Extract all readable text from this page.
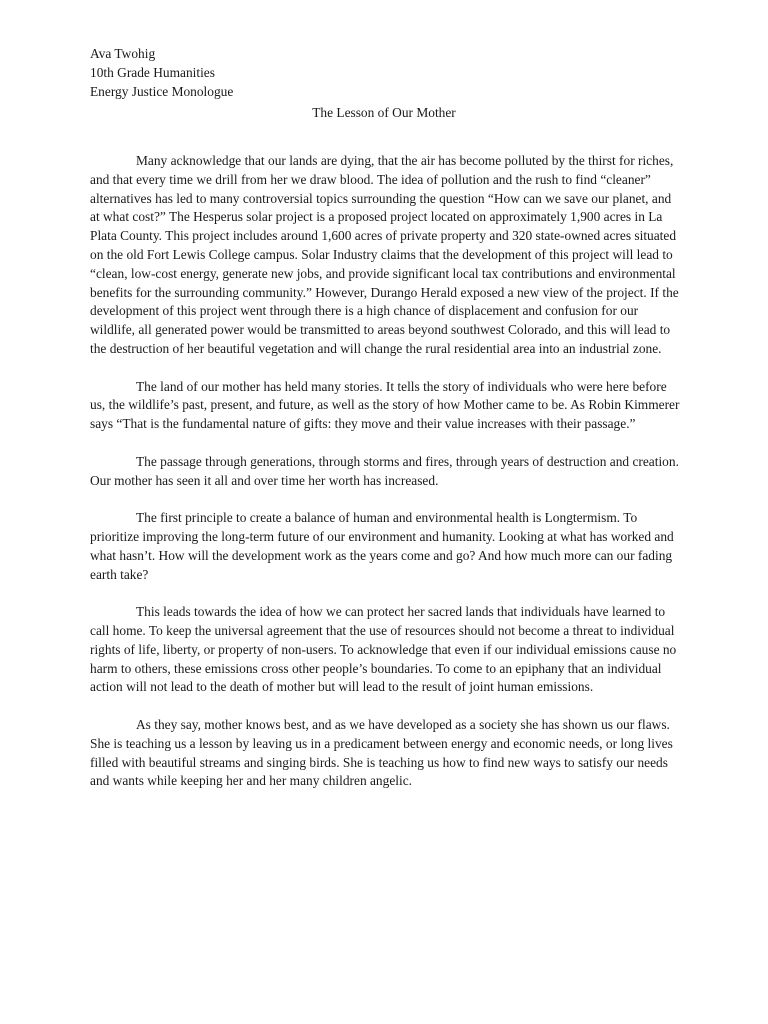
Ava Twohig
10th Grade Humanities
Energy Justice Monologue
The Lesson of Our Mother

Many acknowledge that our lands are dying, that the air has become polluted by the thirst for riches, and that every time we drill from her we draw blood. The idea of pollution and the rush to find “cleaner” alternatives has led to many controversial topics surrounding the question “How can we save our planet, and at what cost?” The Hesperus solar project is a proposed project located on approximately 1,900 acres in La Plata County. This project includes around 1,600 acres of private property and 320 state-owned acres situated on the old Fort Lewis College campus. Solar Industry claims that the development of this project will lead to “clean, low-cost energy, generate new jobs, and provide significant local tax contributions and environmental benefits for the surrounding community.” However, Durango Herald exposed a new view of the project. If the development of this project went through there is a high chance of displacement and confusion for our wildlife, all generated power would be transmitted to areas beyond southwest Colorado, and this will lead to the destruction of her beautiful vegetation and will change the rural residential area into an industrial zone.

The land of our mother has held many stories. It tells the story of individuals who were here before us, the wildlife’s past, present, and future, as well as the story of how Mother came to be. As Robin Kimmerer says “That is the fundamental nature of gifts: they move and their value increases with their passage.”

The passage through generations, through storms and fires, through years of destruction and creation. Our mother has seen it all and over time her worth has increased.

The first principle to create a balance of human and environmental health is Longtermism. To prioritize improving the long-term future of our environment and humanity. Looking at what has worked and what hasn’t. How will the development work as the years come and go? And how much more can our fading earth take?

This leads towards the idea of how we can protect her sacred lands that individuals have learned to call home. To keep the universal agreement that the use of resources should not become a threat to individual rights of life, liberty, or property of non-users. To acknowledge that even if our individual emissions cause no harm to others, these emissions cross other people’s boundaries. To come to an epiphany that an individual action will not lead to the death of mother but will lead to the result of joint human emissions.

As they say, mother knows best, and as we have developed as a society she has shown us our flaws. She is teaching us a lesson by leaving us in a predicament between energy and economic needs, or long lives filled with beautiful streams and singing birds. She is teaching us how to find new ways to satisfy our needs and wants while keeping her and her many children angelic.
